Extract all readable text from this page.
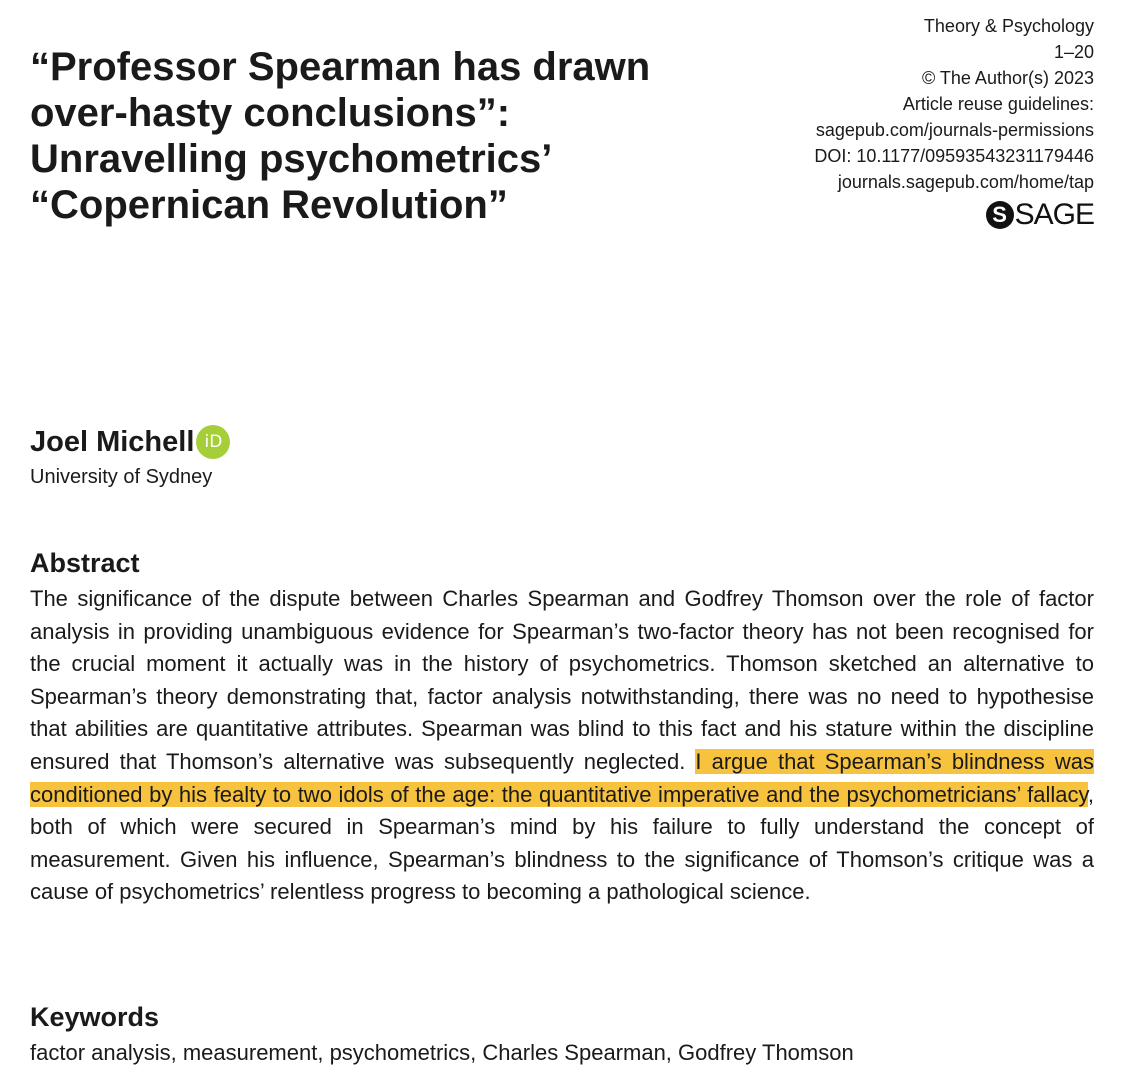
“Professor Spearman has drawn over-hasty conclusions”: Unravelling psychometrics’ “Copernican Revolution”
Theory & Psychology
1–20
© The Author(s) 2023
Article reuse guidelines:
sagepub.com/journals-permissions
DOI: 10.1177/09593543231179446
journals.sagepub.com/home/tap
S SAGE
Joel Michell iD
University of Sydney
Abstract

The significance of the dispute between Charles Spearman and Godfrey Thomson over the role of factor analysis in providing unambiguous evidence for Spearman’s two-factor theory has not been recognised for the crucial moment it actually was in the history of psychometrics. Thomson sketched an alternative to Spearman’s theory demonstrating that, factor analysis notwithstanding, there was no need to hypothesise that abilities are quantitative attributes. Spearman was blind to this fact and his stature within the discipline ensured that Thomson’s alternative was subsequently neglected. I argue that Spearman’s blindness was conditioned by his fealty to two idols of the age: the quantitative imperative and the psychometricians’ fallacy, both of which were secured in Spearman’s mind by his failure to fully understand the concept of measurement. Given his influence, Spearman’s blindness to the significance of Thomson’s critique was a cause of psychometrics’ relentless progress to becoming a pathological science.

Keywords
factor analysis, measurement, psychometrics, Charles Spearman, Godfrey Thomson
